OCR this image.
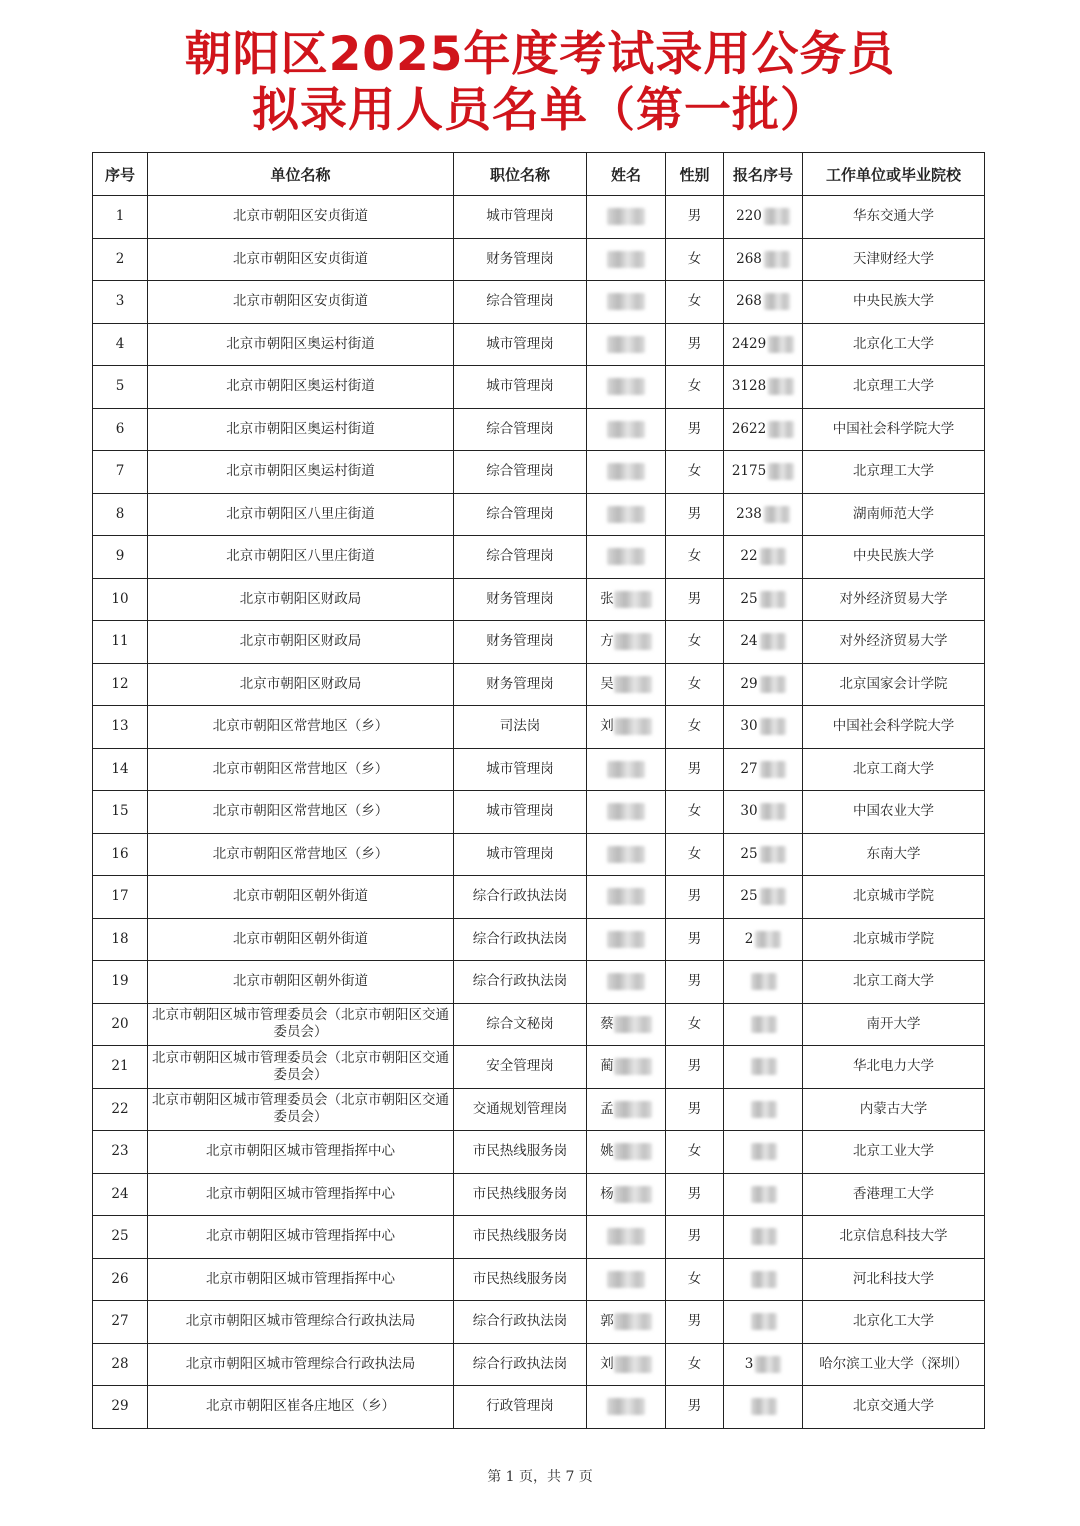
朝阳区2025年度考试录用公务员
拟录用人员名单（第一批）
序号	单位名称	职位名称	姓名	性别	报名序号	工作单位或毕业院校
1	北京市朝阳区安贞街道	城市管理岗		男	220	华东交通大学
2	北京市朝阳区安贞街道	财务管理岗		女	268	天津财经大学
3	北京市朝阳区安贞街道	综合管理岗		女	268	中央民族大学
4	北京市朝阳区奥运村街道	城市管理岗		男	2429	北京化工大学
5	北京市朝阳区奥运村街道	城市管理岗		女	3128	北京理工大学
6	北京市朝阳区奥运村街道	综合管理岗		男	2622	中国社会科学院大学
7	北京市朝阳区奥运村街道	综合管理岗		女	2175	北京理工大学
8	北京市朝阳区八里庄街道	综合管理岗		男	238	湖南师范大学
9	北京市朝阳区八里庄街道	综合管理岗		女	22	中央民族大学
10	北京市朝阳区财政局	财务管理岗	张	男	25	对外经济贸易大学
11	北京市朝阳区财政局	财务管理岗	方	女	24	对外经济贸易大学
12	北京市朝阳区财政局	财务管理岗	吴	女	29	北京国家会计学院
13	北京市朝阳区常营地区（乡）	司法岗	刘	女	30	中国社会科学院大学
14	北京市朝阳区常营地区（乡）	城市管理岗		男	27	北京工商大学
15	北京市朝阳区常营地区（乡）	城市管理岗		女	30	中国农业大学
16	北京市朝阳区常营地区（乡）	城市管理岗		女	25	东南大学
17	北京市朝阳区朝外街道	综合行政执法岗		男	25	北京城市学院
18	北京市朝阳区朝外街道	综合行政执法岗		男	2	北京城市学院
19	北京市朝阳区朝外街道	综合行政执法岗		男		北京工商大学
20	北京市朝阳区城市管理委员会（北京市朝阳区交通委员会）	综合文秘岗	蔡	女		南开大学
21	北京市朝阳区城市管理委员会（北京市朝阳区交通委员会）	安全管理岗	蔺	男		华北电力大学
22	北京市朝阳区城市管理委员会（北京市朝阳区交通委员会）	交通规划管理岗	孟	男		内蒙古大学
23	北京市朝阳区城市管理指挥中心	市民热线服务岗	姚	女		北京工业大学
24	北京市朝阳区城市管理指挥中心	市民热线服务岗	杨	男		香港理工大学
25	北京市朝阳区城市管理指挥中心	市民热线服务岗		男		北京信息科技大学
26	北京市朝阳区城市管理指挥中心	市民热线服务岗		女		河北科技大学
27	北京市朝阳区城市管理综合行政执法局	综合行政执法岗	郭	男		北京化工大学
28	北京市朝阳区城市管理综合行政执法局	综合行政执法岗	刘	女	3	哈尔滨工业大学（深圳）
29	北京市朝阳区崔各庄地区（乡）	行政管理岗		男		北京交通大学
第 1 页，共 7 页
